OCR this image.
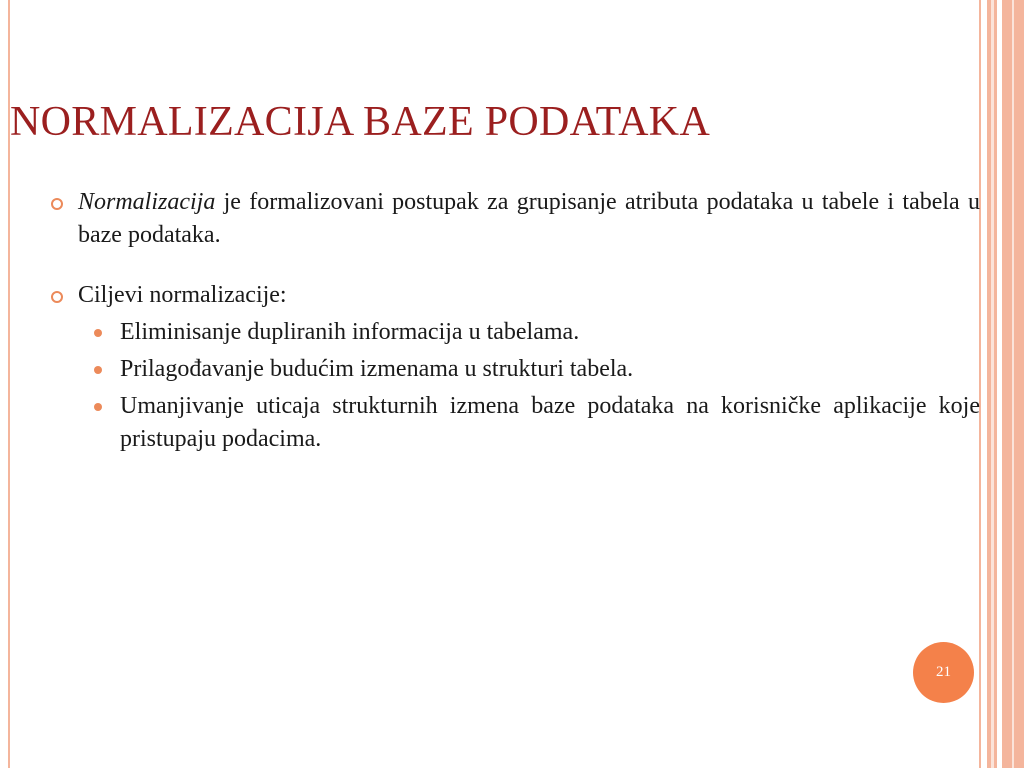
NORMALIZACIJA BAZE PODATAKA
Normalizacija je formalizovani postupak za grupisanje atributa podataka u tabele i tabela u baze podataka.
Ciljevi normalizacije:
Eliminisanje dupliranih informacija u tabelama.
Prilagođavanje budućim izmenama u strukturi tabela.
Umanjivanje uticaja strukturnih izmena baze podataka na korisničke aplikacije koje pristupaju podacima.
21
